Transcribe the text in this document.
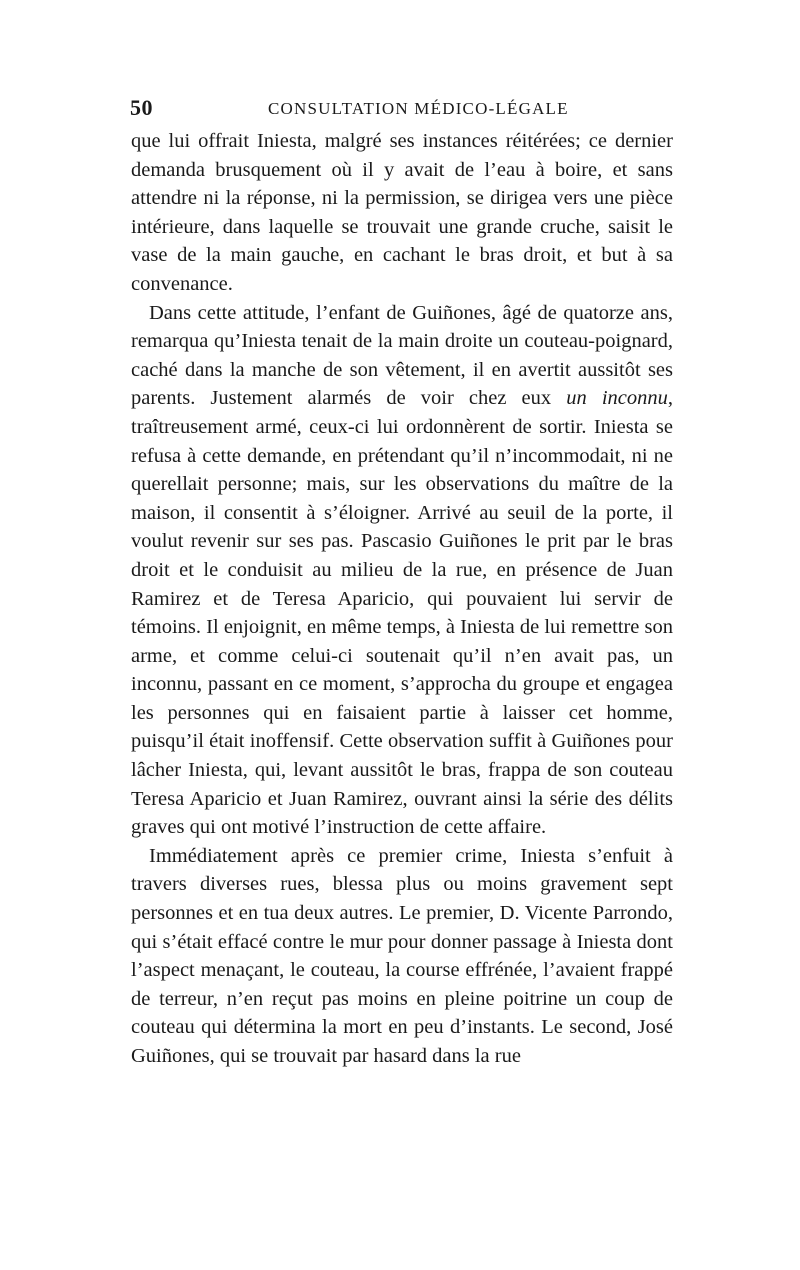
50	CONSULTATION MÉDICO-LÉGALE

que lui offrait Iniesta, malgré ses instances réitérées; ce dernier demanda brusquement où il y avait de l’eau à boire, et sans attendre ni la réponse, ni la permission, se dirigea vers une pièce intérieure, dans laquelle se trouvait une grande cruche, saisit le vase de la main gauche, en cachant le bras droit, et but à sa convenance.

Dans cette attitude, l’enfant de Guiñones, âgé de quatorze ans, remarqua qu’Iniesta tenait de la main droite un couteau-poignard, caché dans la manche de son vêtement, il en avertit aussitôt ses parents. Justement alarmés de voir chez eux un inconnu, traîtreusement armé, ceux-ci lui ordonnèrent de sortir. Iniesta se refusa à cette demande, en prétendant qu’il n’incommodait, ni ne querellait personne; mais, sur les observations du maître de la maison, il consentit à s’éloigner. Arrivé au seuil de la porte, il voulut revenir sur ses pas. Pascasio Guiñones le prit par le bras droit et le conduisit au milieu de la rue, en présence de Juan Ramirez et de Teresa Aparicio, qui pouvaient lui servir de témoins. Il enjoignit, en même temps, à Iniesta de lui remettre son arme, et comme celui-ci soutenait qu’il n’en avait pas, un inconnu, passant en ce moment, s’approcha du groupe et engagea les personnes qui en faisaient partie à laisser cet homme, puisqu’il était inoffensif. Cette observation suffit à Guiñones pour lâcher Iniesta, qui, levant aussitôt le bras, frappa de son couteau Teresa Aparicio et Juan Ramirez, ouvrant ainsi la série des délits graves qui ont motivé l’instruction de cette affaire.

Immédiatement après ce premier crime, Iniesta s’enfuit à travers diverses rues, blessa plus ou moins gravement sept personnes et en tua deux autres. Le premier, D. Vicente Parrondo, qui s’était effacé contre le mur pour donner passage à Iniesta dont l’aspect menaçant, le couteau, la course effrénée, l’avaient frappé de terreur, n’en reçut pas moins en pleine poitrine un coup de couteau qui détermina la mort en peu d’instants. Le second, José Guiñones, qui se trouvait par hasard dans la rue
